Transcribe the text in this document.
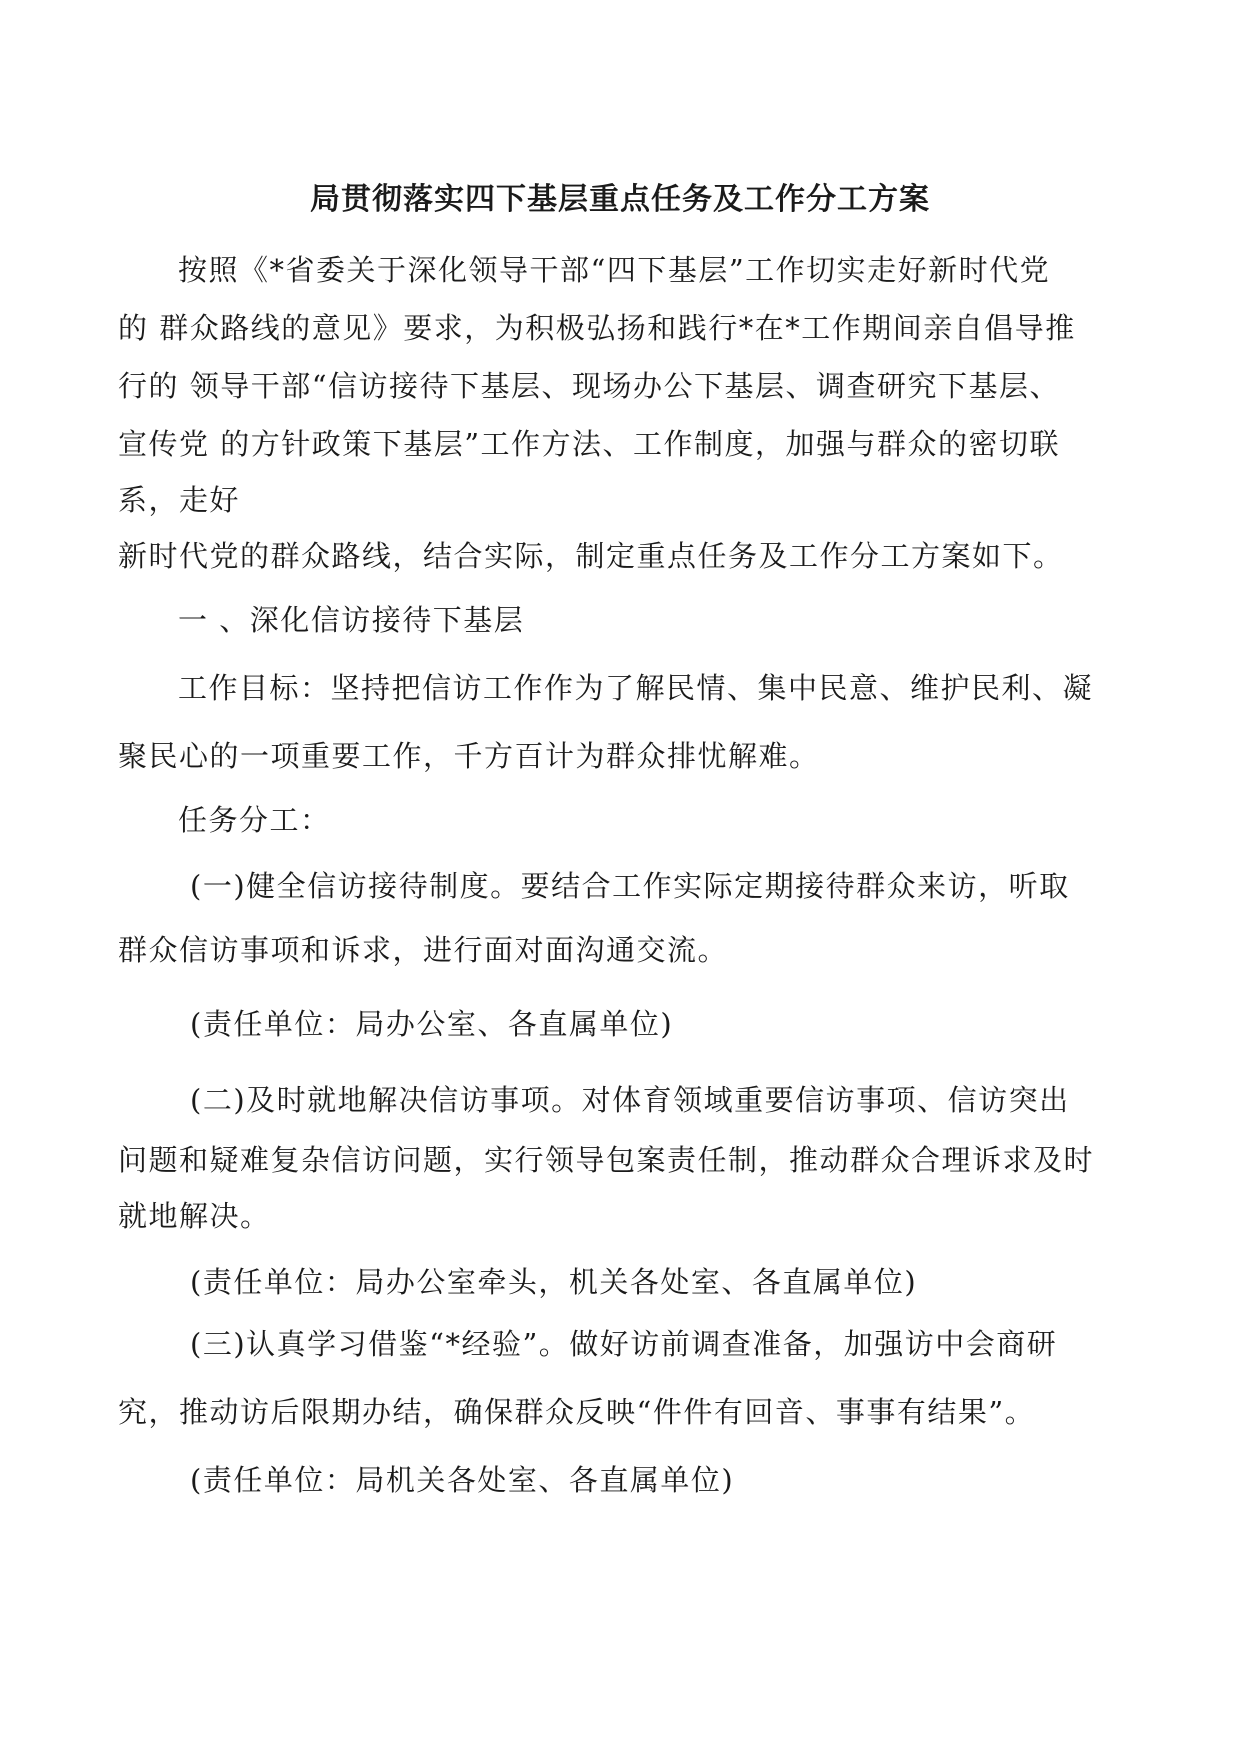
局贯彻落实四下基层重点任务及工作分工方案
按照《*省委关于深化领导干部“四下基层”工作切实走好新时代党
的 群众路线的意见》要求，为积极弘扬和践行*在*工作期间亲自倡导推
行的 领导干部“信访接待下基层、现场办公下基层、调查研究下基层、
宣传党 的方针政策下基层”工作方法、工作制度，加强与群众的密切联
系，走好
新时代党的群众路线，结合实际，制定重点任务及工作分工方案如下。
一 、深化信访接待下基层
工作目标：坚持把信访工作作为了解民情、集中民意、维护民利、凝
聚民心的一项重要工作，千方百计为群众排忧解难。
任务分工：
(一)健全信访接待制度。要结合工作实际定期接待群众来访，听取
群众信访事项和诉求，进行面对面沟通交流。
(责任单位：局办公室、各直属单位)
(二)及时就地解决信访事项。对体育领域重要信访事项、信访突出
问题和疑难复杂信访问题，实行领导包案责任制，推动群众合理诉求及时
就地解决。
(责任单位：局办公室牵头，机关各处室、各直属单位)
(三)认真学习借鉴“*经验”。做好访前调查准备，加强访中会商研
究，推动访后限期办结，确保群众反映“件件有回音、事事有结果”。
(责任单位：局机关各处室、各直属单位)
